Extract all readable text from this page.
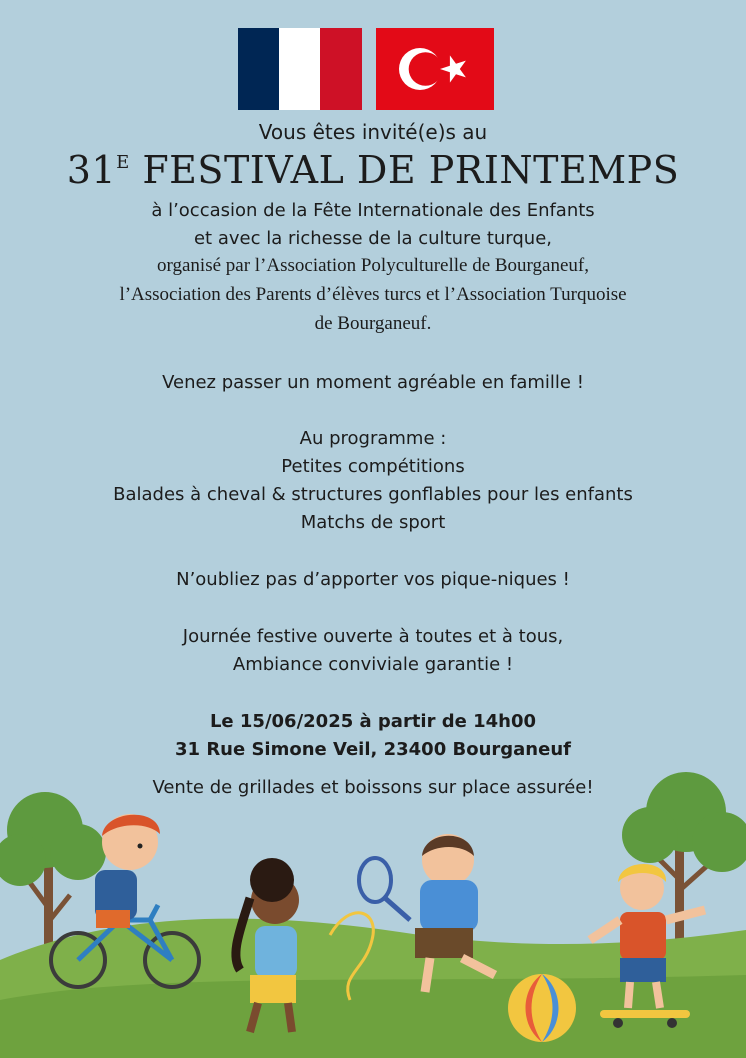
Vous êtes invité(e)s au
$31^E$ FESTIVAL DE PRINTEMPS
à l’occasion de la Fête Internationale des Enfants
et avec la richesse de la culture turque,
organisé par l’Association Polyculturelle de Bourganeuf,
l’Association des Parents d’élèves turcs et l’Association Turquoise
de Bourganeuf.
Venez passer un moment agréable en famille !
Au programme :
Petites compétitions
Balades à cheval & structures gonflables pour les enfants
Matchs de sport
N’oubliez pas d’apporter vos pique-niques !
Journée festive ouverte à toutes et à tous,
Ambiance conviviale garantie !
Le 15/06/2025 à partir de 14h00
31 Rue Simone Veil, 23400 Bourganeuf
Vente de grillades et boissons sur place assurée!
